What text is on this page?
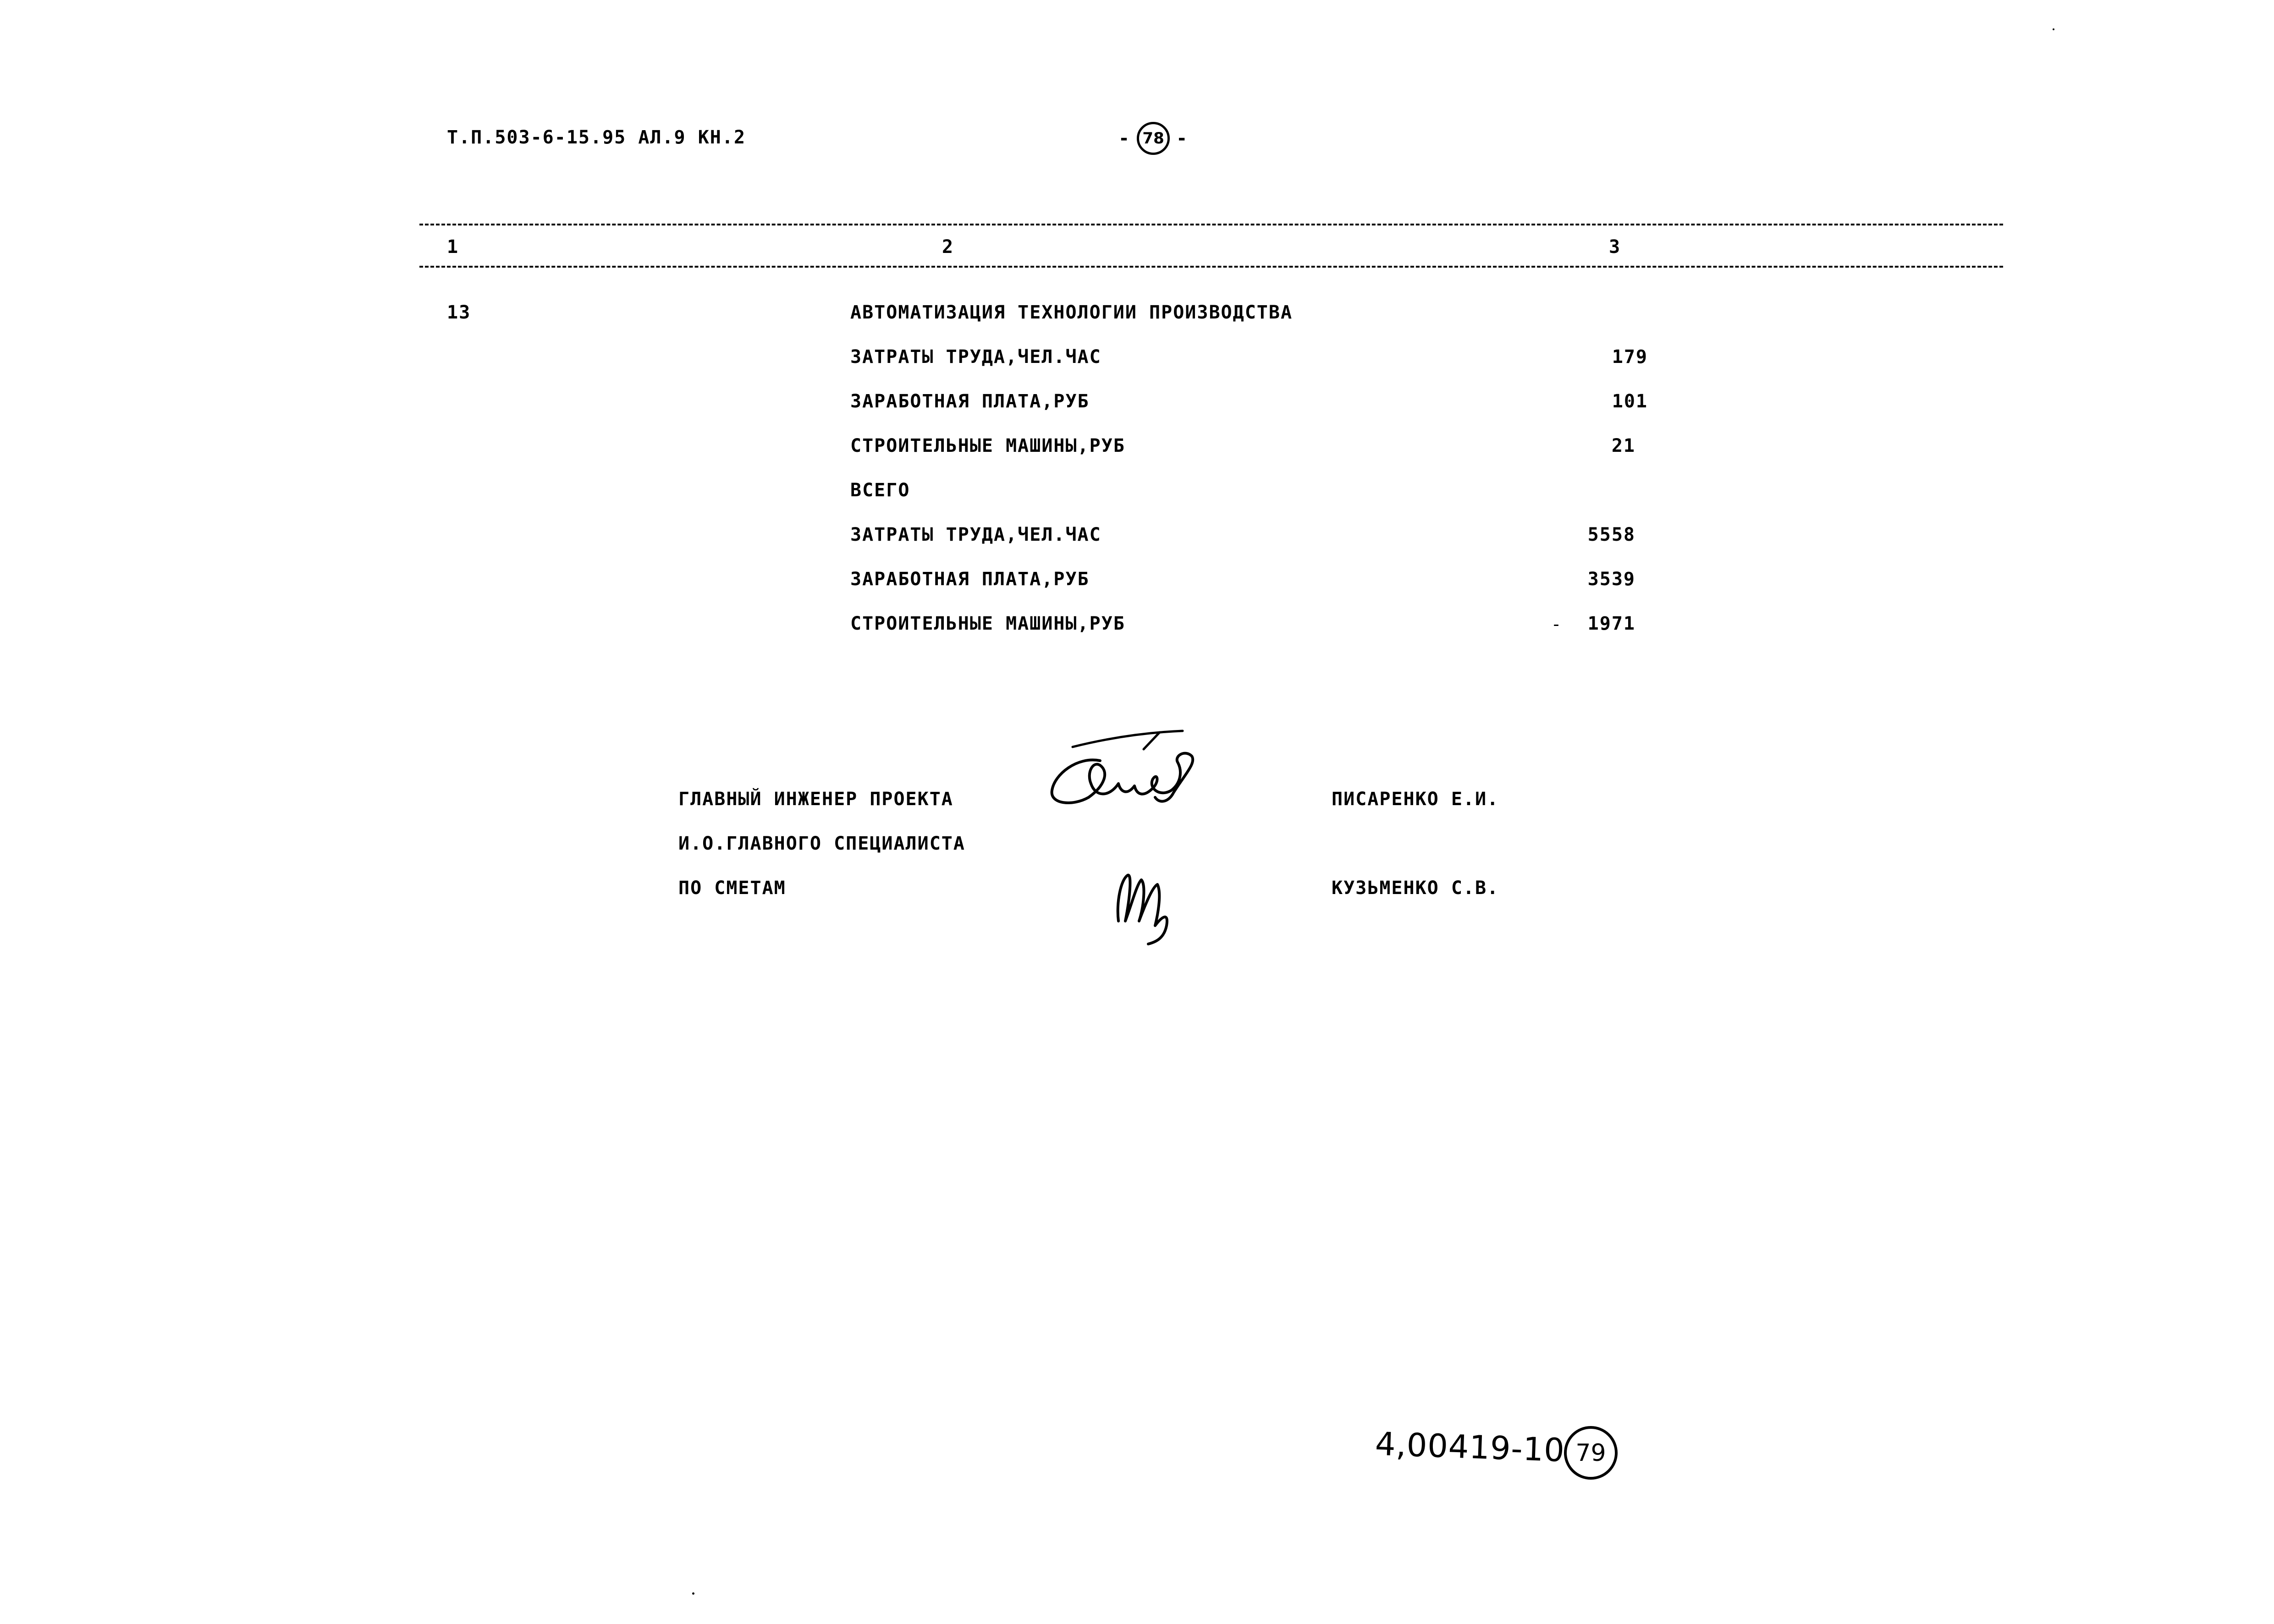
Т.П.503-6-15.95 АЛ.9 КН.2	- 78 -
1	2	3
13	АВТОМАТИЗАЦИЯ ТЕХНОЛОГИИ ПРОИЗВОДСТВА
ЗАТРАТЫ ТРУДА,ЧЕЛ.ЧАС	179
ЗАРАБОТНАЯ ПЛАТА,РУБ	101
СТРОИТЕЛЬНЫЕ МАШИНЫ,РУБ	21
ВСЕГО
ЗАТРАТЫ ТРУДА,ЧЕЛ.ЧАС	5558
ЗАРАБОТНАЯ ПЛАТА,РУБ	3539
СТРОИТЕЛЬНЫЕ МАШИНЫ,РУБ	1971
ГЛАВНЫЙ ИНЖЕНЕР ПРОЕКТА	ПИСАРЕНКО Е.И.
И.О.ГЛАВНОГО СПЕЦИАЛИСТА
ПО СМЕТАМ	КУЗЬМЕНКО С.В.
4,00419-10 79
